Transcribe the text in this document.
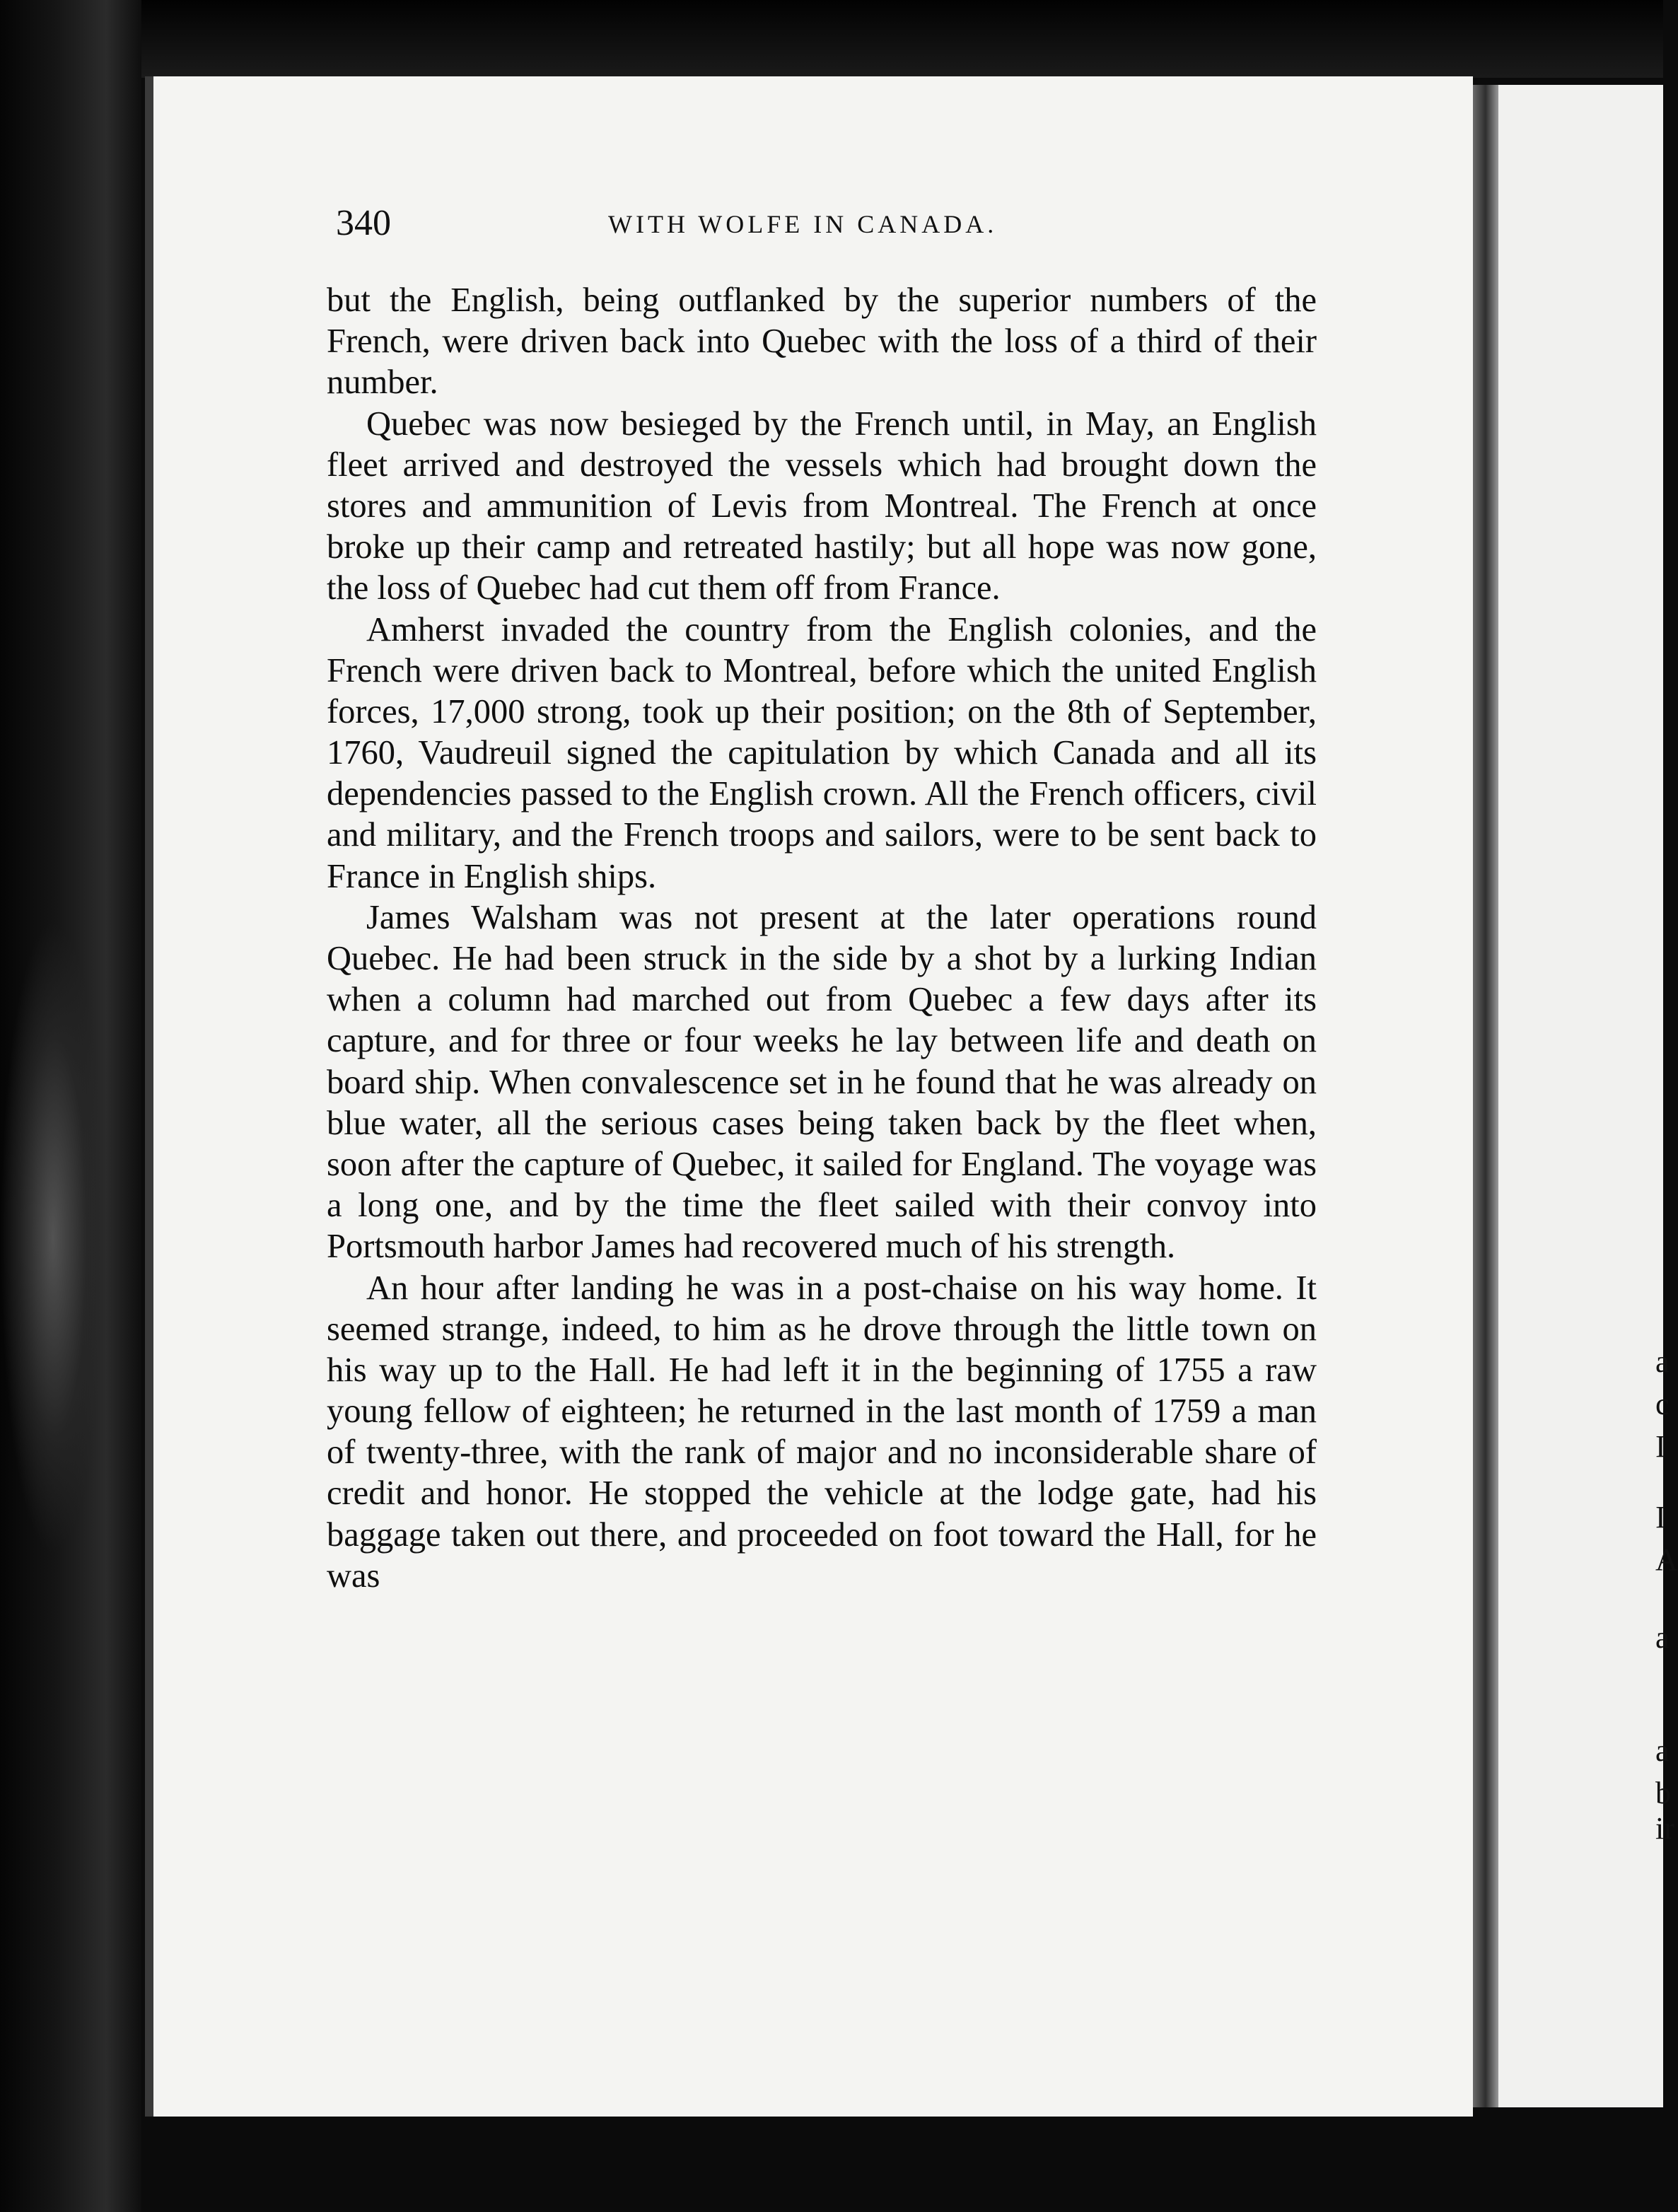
a
c
I
I
A
a
a
b
ir
340	WITH WOLFE IN CANADA.

but the English, being outflanked by the superior numbers of the French, were driven back into Quebec with the loss of a third of their number.

Quebec was now besieged by the French until, in May, an English fleet arrived and destroyed the vessels which had brought down the stores and ammunition of Levis from Montreal. The French at once broke up their camp and retreated hastily; but all hope was now gone, the loss of Quebec had cut them off from France.

Amherst invaded the country from the English colonies, and the French were driven back to Montreal, before which the united English forces, 17,000 strong, took up their position; on the 8th of September, 1760, Vaudreuil signed the capitulation by which Canada and all its dependencies passed to the English crown. All the French officers, civil and military, and the French troops and sailors, were to be sent back to France in English ships.

James Walsham was not present at the later operations round Quebec. He had been struck in the side by a shot by a lurking Indian when a column had marched out from Quebec a few days after its capture, and for three or four weeks he lay between life and death on board ship. When convalescence set in he found that he was already on blue water, all the serious cases being taken back by the fleet when, soon after the capture of Quebec, it sailed for England. The voyage was a long one, and by the time the fleet sailed with their convoy into Portsmouth harbor James had recovered much of his strength.

An hour after landing he was in a post-chaise on his way home. It seemed strange, indeed, to him as he drove through the little town on his way up to the Hall. He had left it in the beginning of 1755 a raw young fellow of eighteen; he returned in the last month of 1759 a man of twenty-three, with the rank of major and no inconsiderable share of credit and honor. He stopped the vehicle at the lodge gate, had his baggage taken out there, and proceeded on foot toward the Hall, for he was
